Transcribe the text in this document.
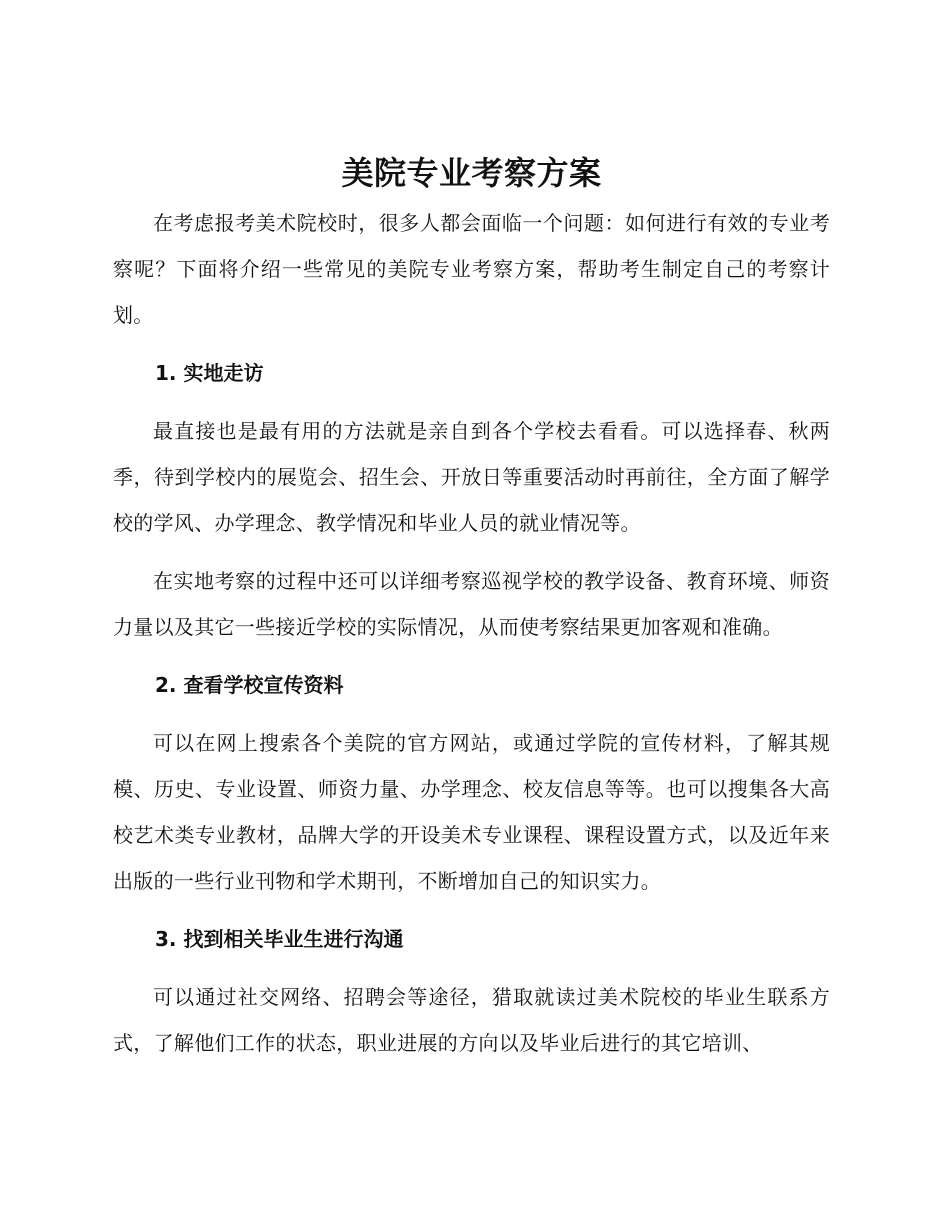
美院专业考察方案

在考虑报考美术院校时，很多人都会面临一个问题：如何进行有效的专业考察呢？下面将介绍一些常见的美院专业考察方案，帮助考生制定自己的考察计划。

1. 实地走访

最直接也是最有用的方法就是亲自到各个学校去看看。可以选择春、秋两季，待到学校内的展览会、招生会、开放日等重要活动时再前往，全方面了解学校的学风、办学理念、教学情况和毕业人员的就业情况等。

在实地考察的过程中还可以详细考察巡视学校的教学设备、教育环境、师资力量以及其它一些接近学校的实际情况，从而使考察结果更加客观和准确。

2. 查看学校宣传资料

可以在网上搜索各个美院的官方网站，或通过学院的宣传材料，了解其规模、历史、专业设置、师资力量、办学理念、校友信息等等。也可以搜集各大高校艺术类专业教材，品牌大学的开设美术专业课程、课程设置方式，以及近年来出版的一些行业刊物和学术期刊，不断增加自己的知识实力。

3. 找到相关毕业生进行沟通

可以通过社交网络、招聘会等途径，猎取就读过美术院校的毕业生联系方式，了解他们工作的状态，职业进展的方向以及毕业后进行的其它培训、
